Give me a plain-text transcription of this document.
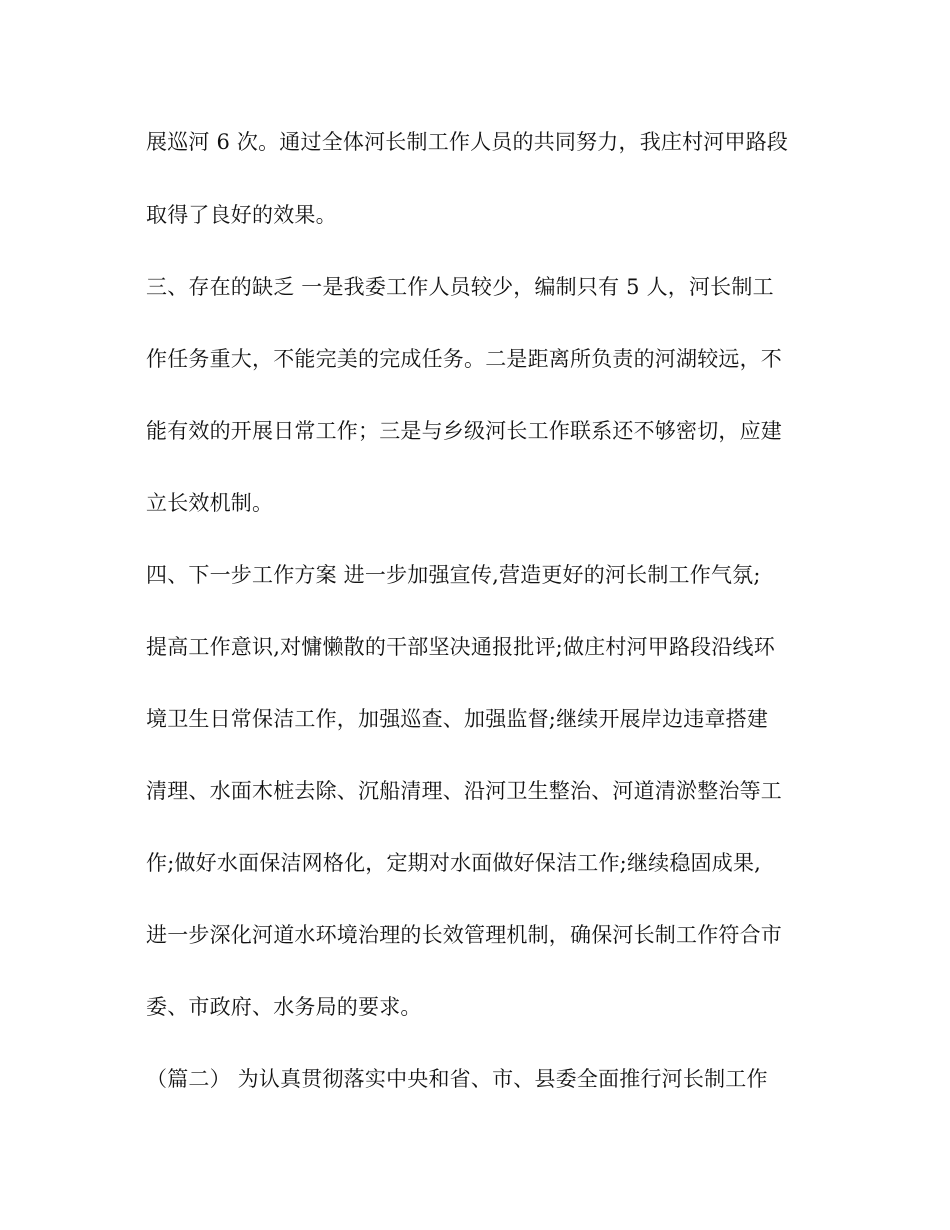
展巡河 6 次。通过全体河长制工作人员的共同努力，我庄村河甲路段
取得了良好的效果。
三、存在的缺乏 一是我委工作人员较少，编制只有 5 人，河长制工
作任务重大，不能完美的完成任务。二是距离所负责的河湖较远，不
能有效的开展日常工作；三是与乡级河长工作联系还不够密切，应建
立长效机制。
四、下一步工作方案 进一步加强宣传,营造更好的河长制工作气氛;
提高工作意识,对慵懒散的干部坚决通报批评;做庄村河甲路段沿线环
境卫生日常保洁工作，加强巡查、加强监督;继续开展岸边违章搭建
清理、水面木桩去除、沉船清理、沿河卫生整治、河道清淤整治等工
作;做好水面保洁网格化，定期对水面做好保洁工作;继续稳固成果,
进一步深化河道水环境治理的长效管理机制，确保河长制工作符合市
委、市政府、水务局的要求。
（篇二） 为认真贯彻落实中央和省、市、县委全面推行河长制工作
